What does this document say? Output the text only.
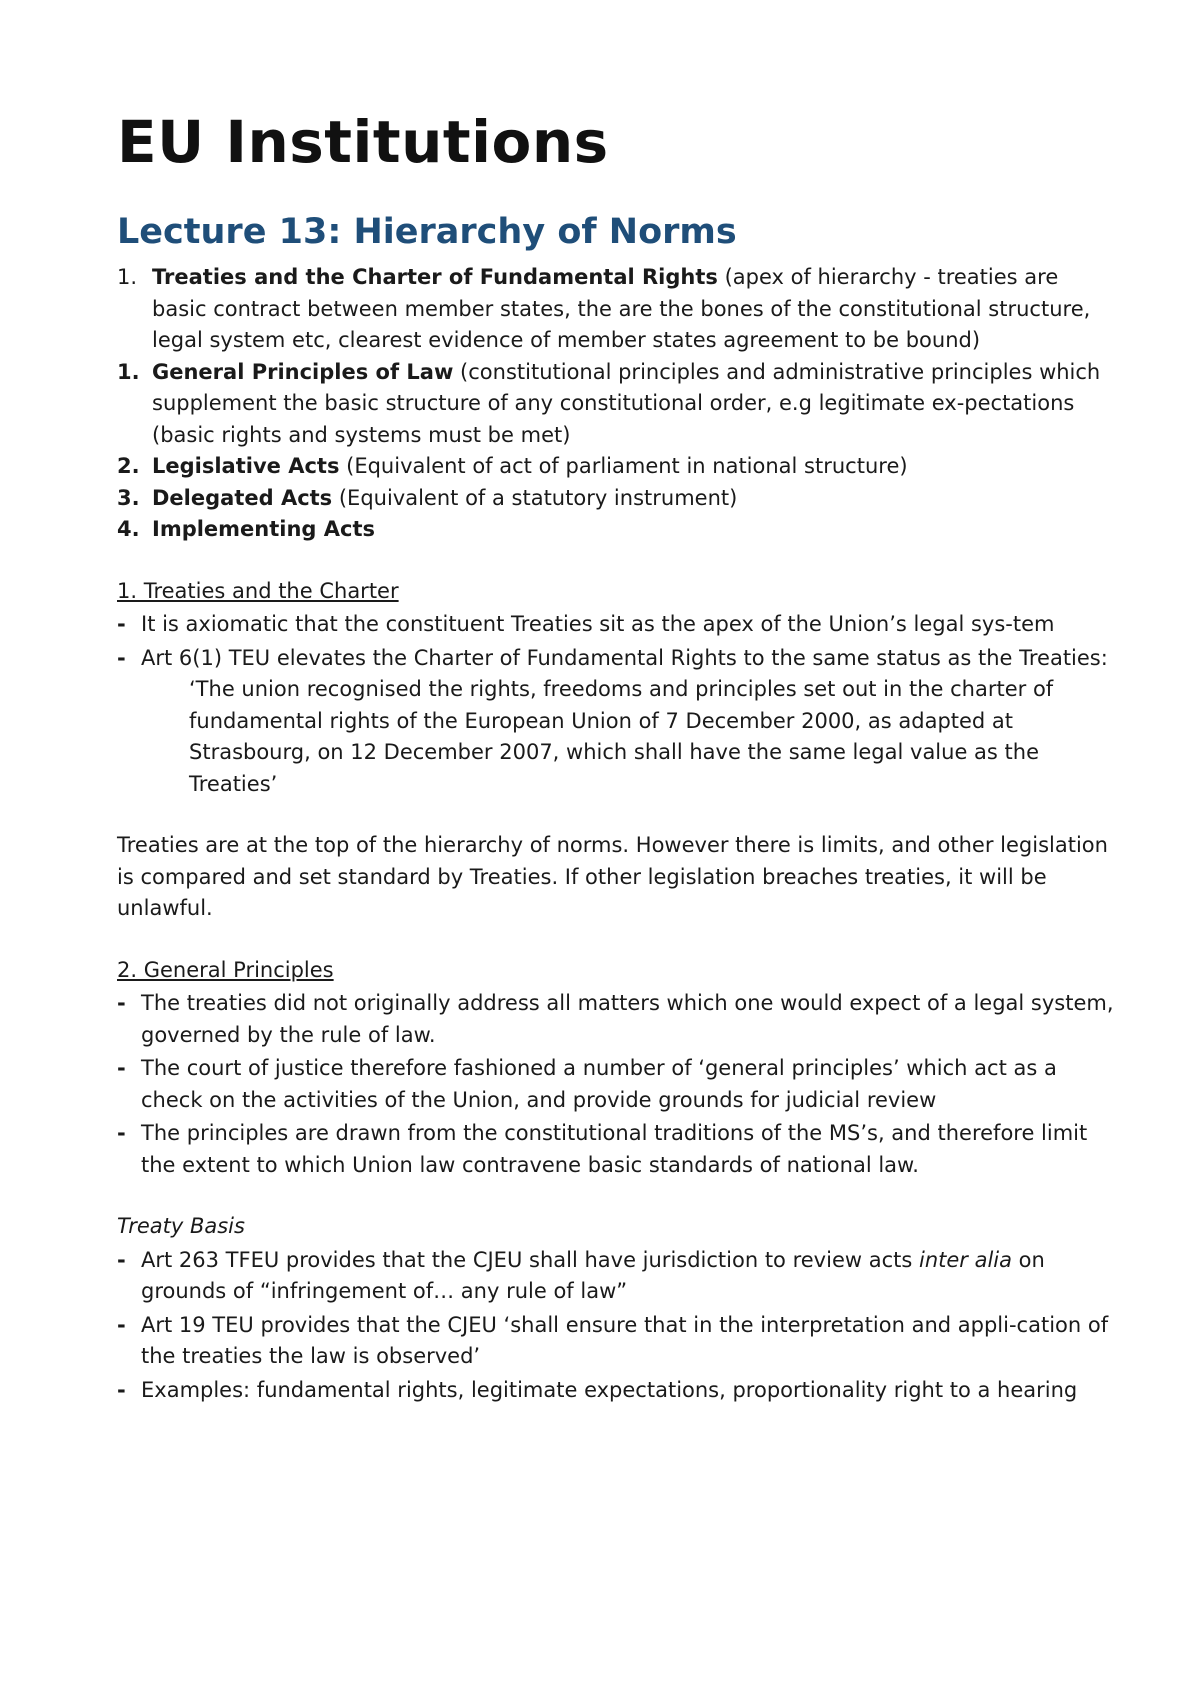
EU Institutions
Lecture 13: Hierarchy of Norms
1. Treaties and the Charter of Fundamental Rights (apex of hierarchy - treaties are basic contract between member states, the are the bones of the constitutional structure, legal system etc, clearest evidence of member states agreement to be bound)
1. General Principles of Law (constitutional principles and administrative principles which supplement the basic structure of any constitutional order, e.g legitimate ex-pectations (basic rights and systems must be met)
2. Legislative Acts (Equivalent of act of parliament in national structure)
3. Delegated Acts (Equivalent of a statutory instrument)
4. Implementing Acts
1. Treaties and the Charter
- It is axiomatic that the constituent Treaties sit as the apex of the Union’s legal sys-tem
- Art 6(1) TEU elevates the Charter of Fundamental Rights to the same status as the Treaties:
‘The union recognised the rights, freedoms and principles set out in the charter of fundamental rights of the European Union of 7 December 2000, as adapted at Strasbourg, on 12 December 2007, which shall have the same legal value as the Treaties’
Treaties are at the top of the hierarchy of norms. However there is limits, and other legislation is compared and set standard by Treaties. If other legislation breaches treaties, it will be unlawful.
2. General Principles
- The treaties did not originally address all matters which one would expect of a legal system, governed by the rule of law.
- The court of justice therefore fashioned a number of ‘general principles’ which act as a check on the activities of the Union, and provide grounds for judicial review
- The principles are drawn from the constitutional traditions of the MS’s, and therefore limit the extent to which Union law contravene basic standards of national law.
Treaty Basis
- Art 263 TFEU provides that the CJEU shall have jurisdiction to review acts inter alia on grounds of “infringement of… any rule of law”
- Art 19 TEU provides that the CJEU ‘shall ensure that in the interpretation and appli-cation of the treaties the law is observed’
- Examples: fundamental rights, legitimate expectations, proportionality right to a hearing
